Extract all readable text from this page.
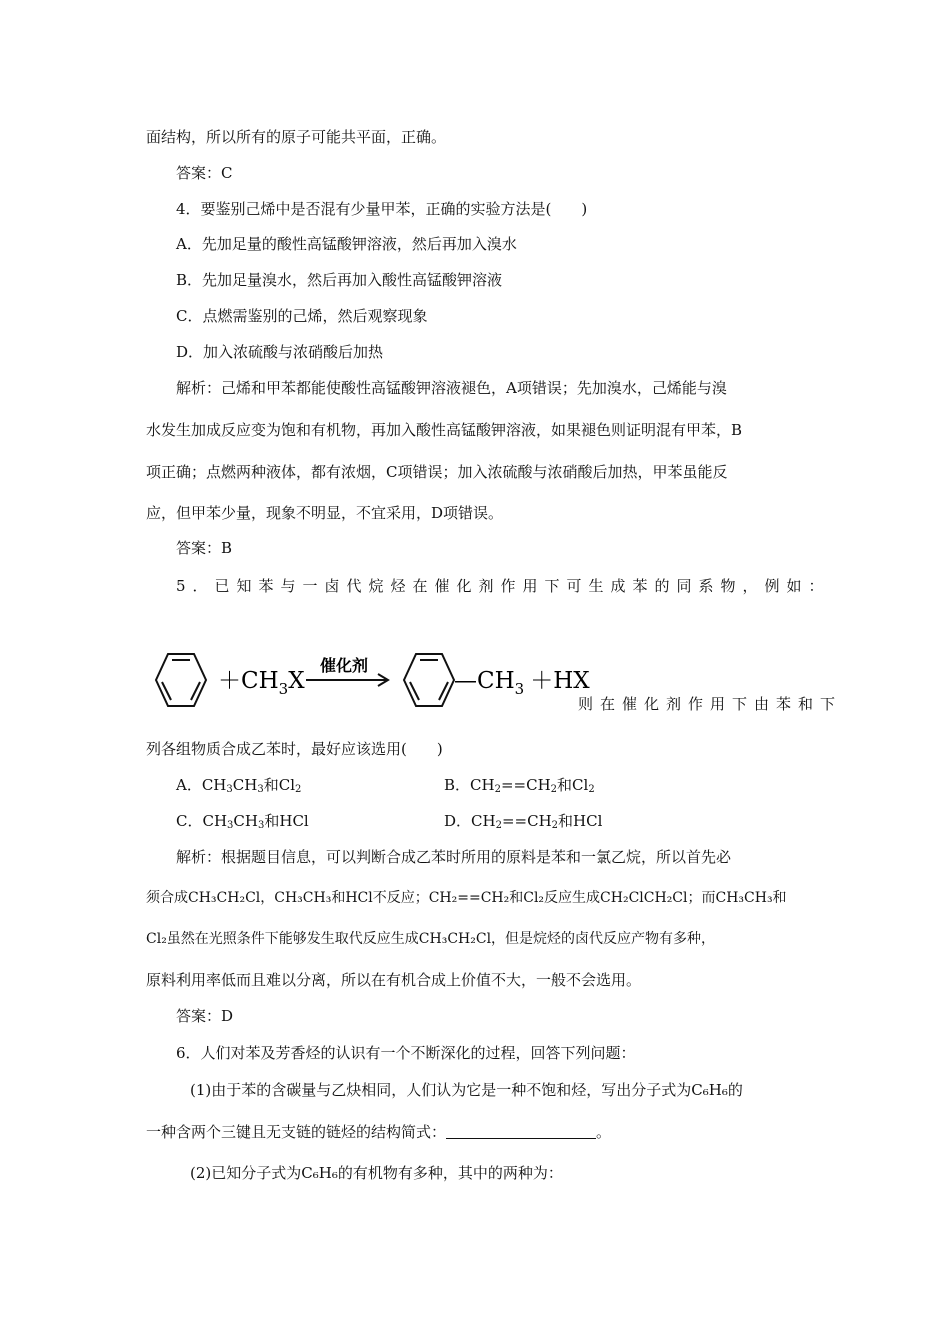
面结构，所以所有的原子可能共平面，正确。
答案：C
4．要鉴别己烯中是否混有少量甲苯，正确的实验方法是(　　)
A．先加足量的酸性高锰酸钾溶液，然后再加入溴水
B．先加足量溴水，然后再加入酸性高锰酸钾溶液
C．点燃需鉴别的己烯，然后观察现象
D．加入浓硫酸与浓硝酸后加热
解析：己烯和甲苯都能使酸性高锰酸钾溶液褪色，A项错误；先加溴水，己烯能与溴
水发生加成反应变为饱和有机物，再加入酸性高锰酸钾溶液，如果褪色则证明混有甲苯，B
项正确；点燃两种液体，都有浓烟，C项错误；加入浓硫酸与浓硝酸后加热，甲苯虽能反
应，但甲苯少量，现象不明显，不宜采用，D项错误。
答案：B
5．已知苯与一卤代烷烃在催化剂作用下可生成苯的同系物，例如：
$+CH_3X$
催化剂
$—CH_3 +HX$
则在催化剂作用下由苯和下
列各组物质合成乙苯时，最好应该选用(　　)
A．$CH_3CH_3$和$Cl_2$	B．$CH_2==CH_2$和$Cl_2$
C．$CH_3CH_3$和HCl	D．$CH_2==CH_2$和HCl
解析：根据题目信息，可以判断合成乙苯时所用的原料是苯和一氯乙烷，所以首先必
须合成CH₃CH₂Cl，CH₃CH₃和HCl不反应；CH₂==CH₂和Cl₂反应生成CH₂ClCH₂Cl；而CH₃CH₃和
Cl₂虽然在光照条件下能够发生取代反应生成CH₃CH₂Cl，但是烷烃的卤代反应产物有多种，
原料利用率低而且难以分离，所以在有机合成上价值不大，一般不会选用。
答案：D
6．人们对苯及芳香烃的认识有一个不断深化的过程，回答下列问题：
(1)由于苯的含碳量与乙炔相同，人们认为它是一种不饱和烃，写出分子式为C₆H₆的
一种含两个三键且无支链的链烃的结构简式：	。
(2)已知分子式为C₆H₆的有机物有多种，其中的两种为：
